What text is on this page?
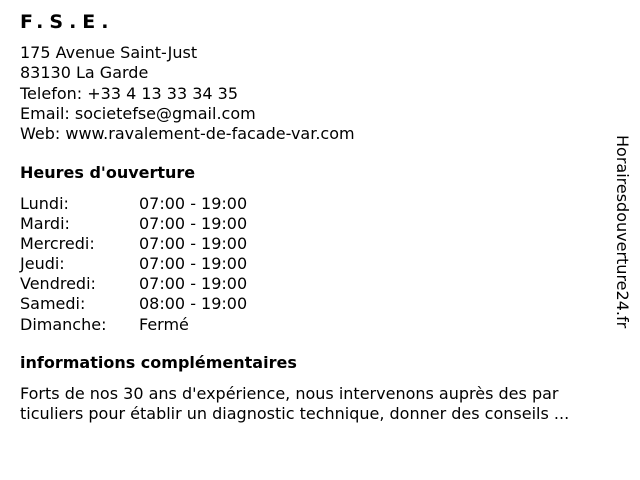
F.S.E.
175 Avenue Saint-Just
83130 La Garde
Telefon: +33 4 13 33 34 35
Email: societefse@gmail.com
Web: www.ravalement-de-facade-var.com
Heures d'ouverture
Lundi:	07:00 - 19:00
Mardi:	07:00 - 19:00
Mercredi:	07:00 - 19:00
Jeudi:	07:00 - 19:00
Vendredi:	07:00 - 19:00
Samedi:	08:00 - 19:00
Dimanche: Fermé
informations complémentaires
Forts de nos 30 ans d'expérience, nous intervenons auprès des par
ticuliers pour établir un diagnostic technique, donner des conseils ...
Horairesdouverture24.fr
